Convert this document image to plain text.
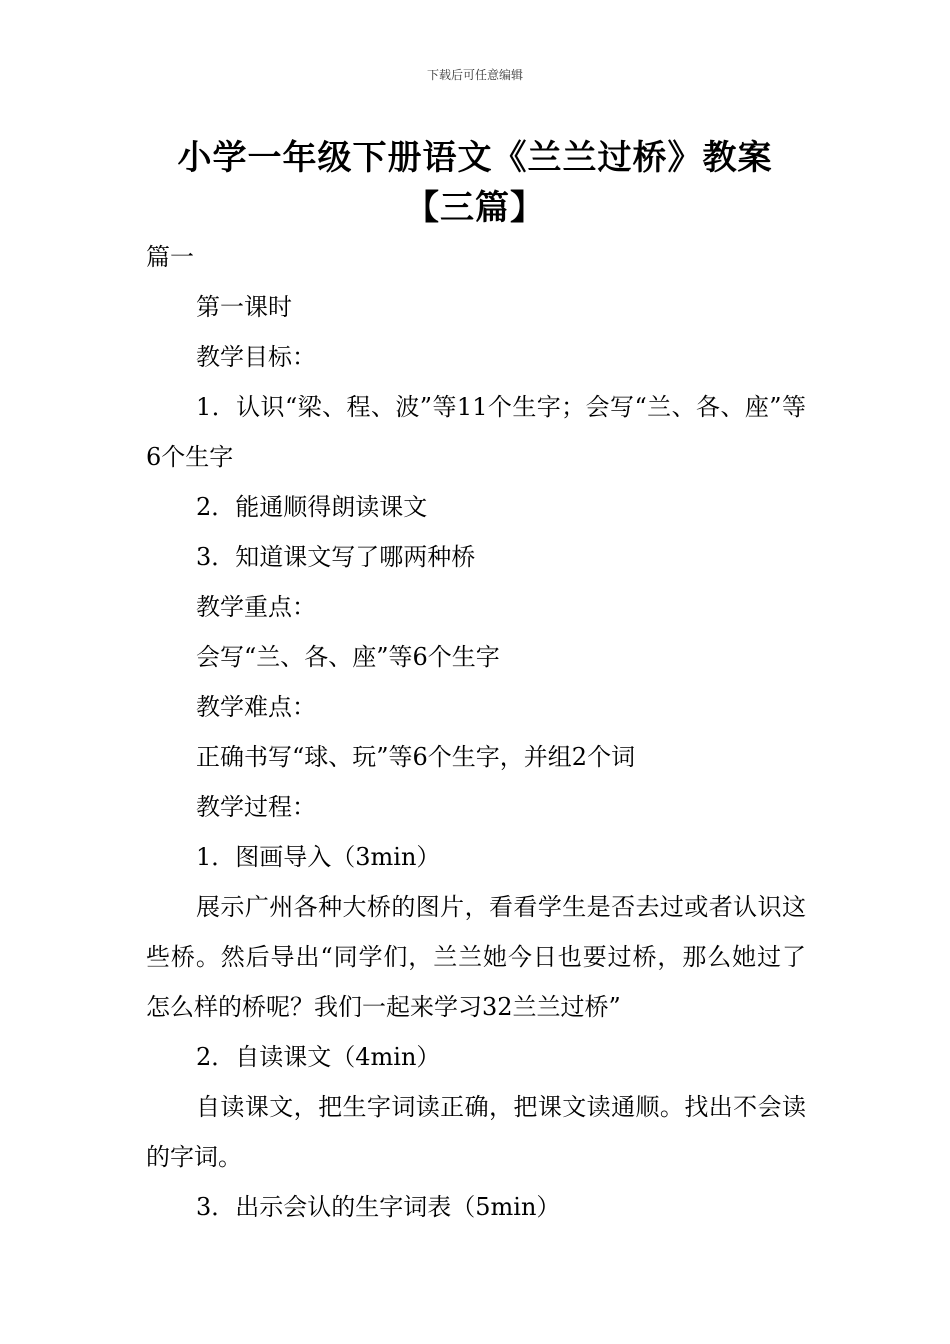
下载后可任意编辑
小学一年级下册语文《兰兰过桥》教案
【三篇】

篇一

第一课时

教学目标：

1．认识“梁、程、波”等11个生字；会写“兰、各、座”等6个生字

2．能通顺得朗读课文

3．知道课文写了哪两种桥

教学重点：

会写“兰、各、座”等6个生字

教学难点：

正确书写“球、玩”等6个生字，并组2个词

教学过程：

1．图画导入（3min）

展示广州各种大桥的图片，看看学生是否去过或者认识这些桥。然后导出“同学们，兰兰她今日也要过桥，那么她过了怎么样的桥呢？我们一起来学习32兰兰过桥”

2．自读课文（4min）

自读课文，把生字词读正确，把课文读通顺。找出不会读的字词。

3．出示会认的生字词表（5min）
